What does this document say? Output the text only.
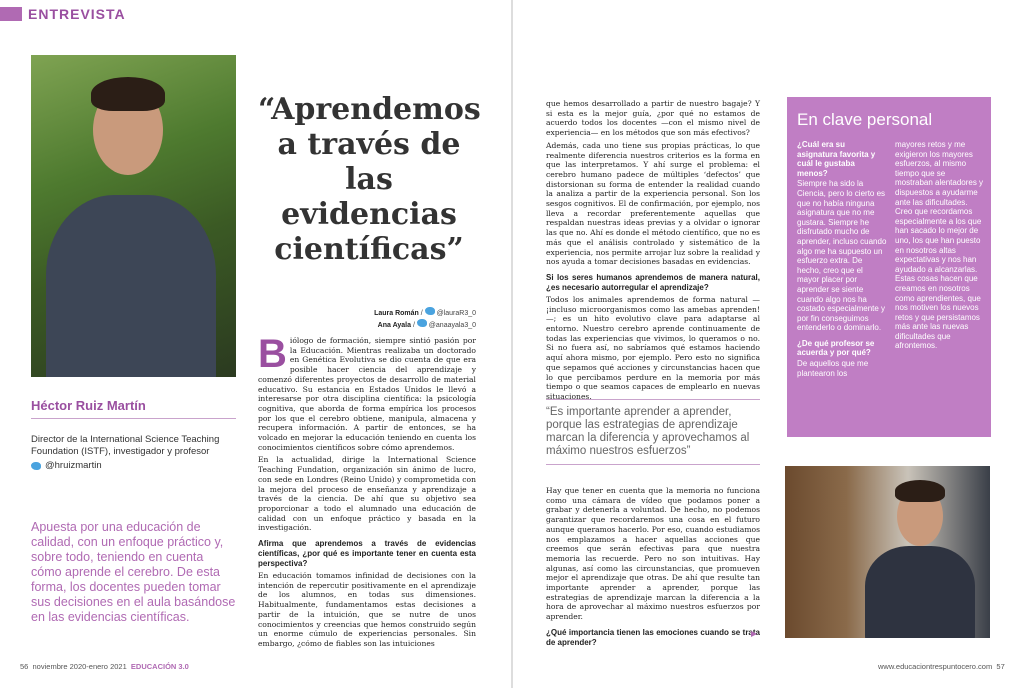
ENTREVISTA
“Aprendemos a través de las evidencias científicas”
Laura Román /  @lauraR3_0
Ana Ayala /  @anaayala3_0

Biólogo de formación, siempre sintió pasión por la Educación. Mientras realizaba un doctorado en Genética Evolutiva se dio cuenta de que era posible hacer ciencia del aprendizaje y comenzó diferentes proyectos de desarrollo de material educativo. Su estancia en Estados Unidos le llevó a interesarse por otra disciplina científica: la psicología cognitiva, que aborda de forma empírica los procesos por los que el cerebro obtiene, manipula, almacena y recupera información. A partir de entonces, se ha volcado en mejorar la educación teniendo en cuenta los conocimientos científicos sobre cómo aprendemos.

En la actualidad, dirige la International Science Teaching Fundation, organización sin ánimo de lucro, con sede en Londres (Reino Unido) y comprometida con la mejora del proceso de enseñanza y aprendizaje a través de la ciencia. De ahí que su objetivo sea proporcionar a todo el alumnado una educación de calidad con un enfoque práctico y basada en la investigación.

Afirma que aprendemos a través de evidencias científicas, ¿por qué es importante tener en cuenta esta perspectiva?

En educación tomamos infinidad de decisiones con la intención de repercutir positivamente en el aprendizaje de los alumnos, en todas sus dimensiones. Habitualmente, fundamentamos estas decisiones a partir de la intuición, que se nutre de unos conocimientos y creencias que hemos construido según un enorme cúmulo de experiencias personales. Sin embargo, ¿cómo de fiables son las intuiciones

Héctor Ruiz Martín
Director de la International Science Teaching Foundation (ISTF), investigador y profesor
@hruizmartin
Apuesta por una educación de calidad, con un enfoque práctico y, sobre todo, teniendo en cuenta cómo aprende el cerebro. De esta forma, los docentes pueden tomar sus decisiones en el aula basándose en las evidencias científicas.
56 noviembre 2020-enero 2021 EDUCACIÓN 3.0

que hemos desarrollado a partir de nuestro bagaje? Y si esta es la mejor guía, ¿por qué no estamos de acuerdo todos los docentes —con el mismo nivel de experiencia— en los métodos que son más efectivos?

Además, cada uno tiene sus propias prácticas, lo que realmente diferencia nuestros criterios es la forma en que las interpretamos. Y ahí surge el problema: el cerebro humano padece de múltiples ‘defectos’ que distorsionan su forma de entender la realidad cuando la analiza a partir de la experiencia personal. Son los sesgos cognitivos. El de confirmación, por ejemplo, nos lleva a recordar preferentemente aquellas que respaldan nuestras ideas previas y a olvidar o ignorar las que no. Ahí es donde el método científico, que no es más que el análisis controlado y sistemático de la experiencia, nos permite arrojar luz sobre la realidad y nos ayuda a tomar decisiones basadas en evidencias.

Si los seres humanos aprendemos de manera natural, ¿es necesario autorregular el aprendizaje?

Todos los animales aprendemos de forma natural —¡incluso microorganismos como las amebas aprenden!—; es un hito evolutivo clave para adaptarse al entorno. Nuestro cerebro aprende continuamente de todas las experiencias que vivimos, lo queramos o no. Si no fuera así, no sabríamos qué estamos haciendo aquí ahora mismo, por ejemplo. Pero esto no significa que sepamos qué acciones y circunstancias hacen que lo que percibamos perdure en la memoria por más tiempo o que seamos capaces de emplearlo en nuevas situaciones.

“Es importante aprender a aprender, porque las estrategias de aprendizaje marcan la diferencia y aprovechamos al máximo nuestros esfuerzos”

Hay que tener en cuenta que la memoria no funciona como una cámara de vídeo que podamos poner a grabar y detenerla a voluntad. De hecho, no podemos garantizar que recordaremos una cosa en el futuro aunque queramos hacerlo. Por eso, cuando estudiamos nos emplazamos a hacer aquellas acciones que creemos que serán efectivas para que nuestra memoria las recuerde. Pero no son intuitivas. Hay algunas, así como las circunstancias, que promueven mejor el aprendizaje que otras. De ahí que resulte tan importante aprender a aprender, porque las estrategias de aprendizaje marcan la diferencia a la hora de aprovechar al máximo nuestros esfuerzos por aprender.

¿Qué importancia tienen las emociones cuando se trata de aprender?
En clave personal
¿Cuál era su asignatura favorita y cuál le gustaba menos?
Siempre ha sido la Ciencia, pero lo cierto es que no había ninguna asignatura que no me gustara. Siempre he disfrutado mucho de aprender, incluso cuando algo me ha supuesto un esfuerzo extra. De hecho, creo que el mayor placer por aprender se siente cuando algo nos ha costado especialmente y por fin conseguimos entenderlo o dominarlo.
¿De qué profesor se acuerda y por qué?
De aquellos que me plantearon los
mayores retos y me exigieron los mayores esfuerzos, al mismo tiempo que se mostraban alentadores y dispuestos a ayudarme ante las dificultades. Creo que recordamos especialmente a los que han sacado lo mejor de uno, los que han puesto en nosotros altas expectativas y nos han ayudado a alcanzarlas. Estas cosas hacen que creamos en nosotros como aprendientes, que nos motiven los nuevos retos y que persistamos más ante las nuevas dificultades que afrontemos.
www.educaciontrespuntocero.com 57
